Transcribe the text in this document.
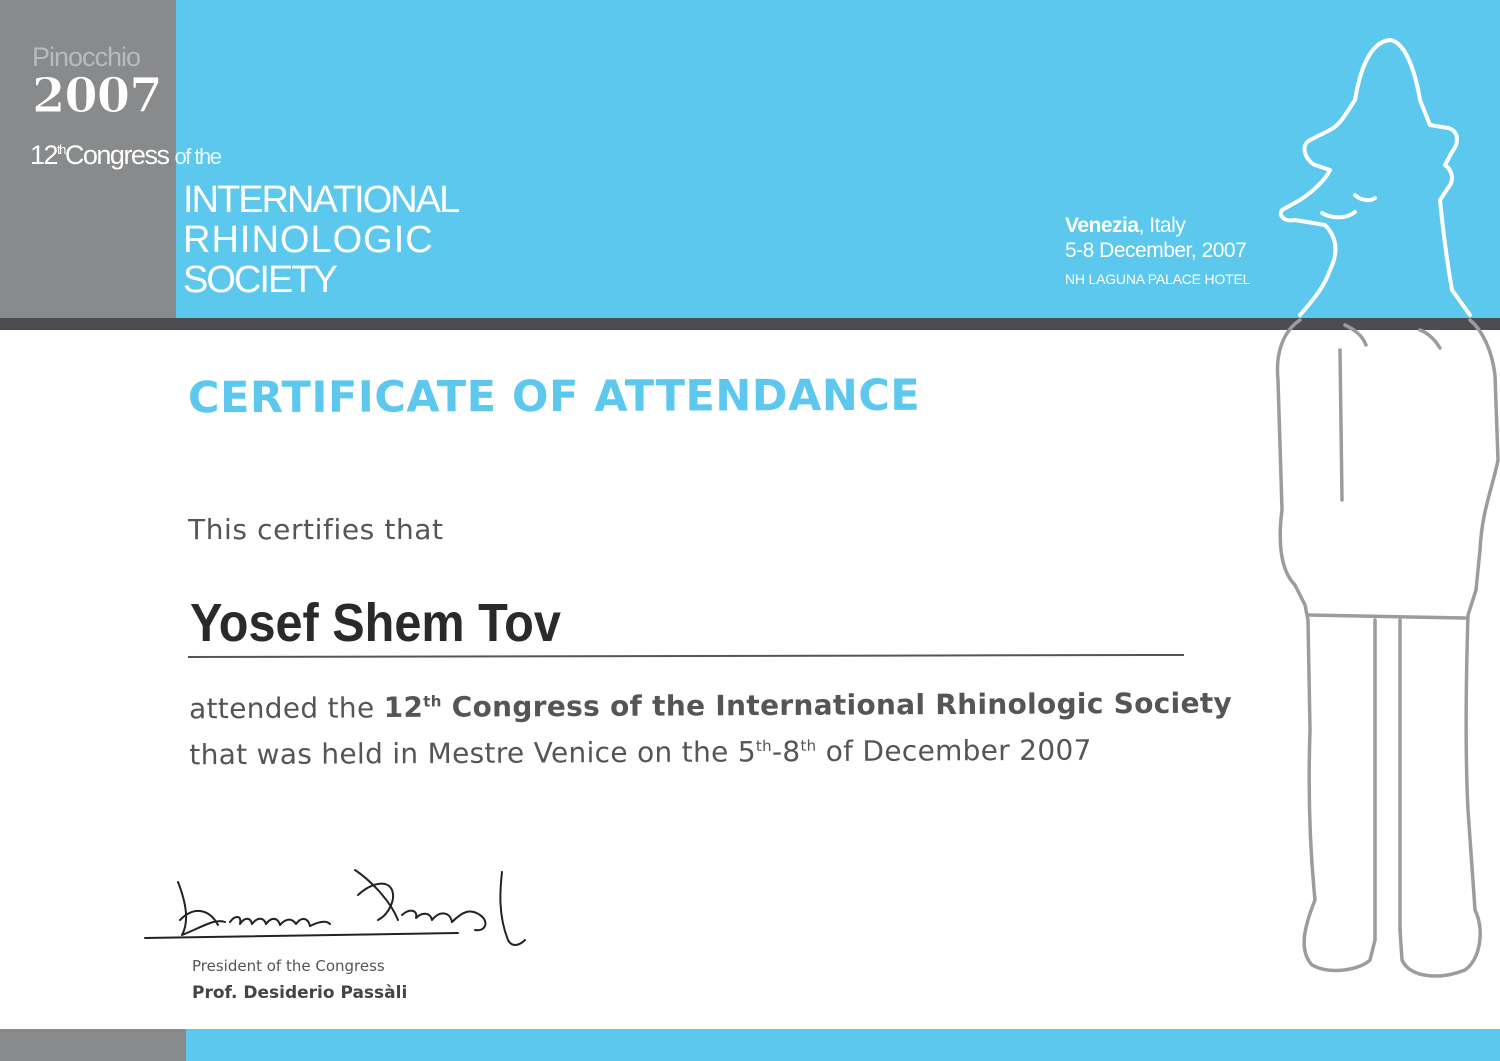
Pinocchio
2007
12thCongress of the
INTERNATIONAL
RHINOLOGIC
SOCIETY
Venezia, Italy
5-8 December, 2007
NH LAGUNA PALACE HOTEL
CERTIFICATE OF ATTENDANCE
This certifies that
Yosef Shem Tov
attended the 12th Congress of the International Rhinologic Society
that was held in Mestre Venice on the 5th-8th of December 2007
President of the Congress
Prof. Desiderio Passàli
